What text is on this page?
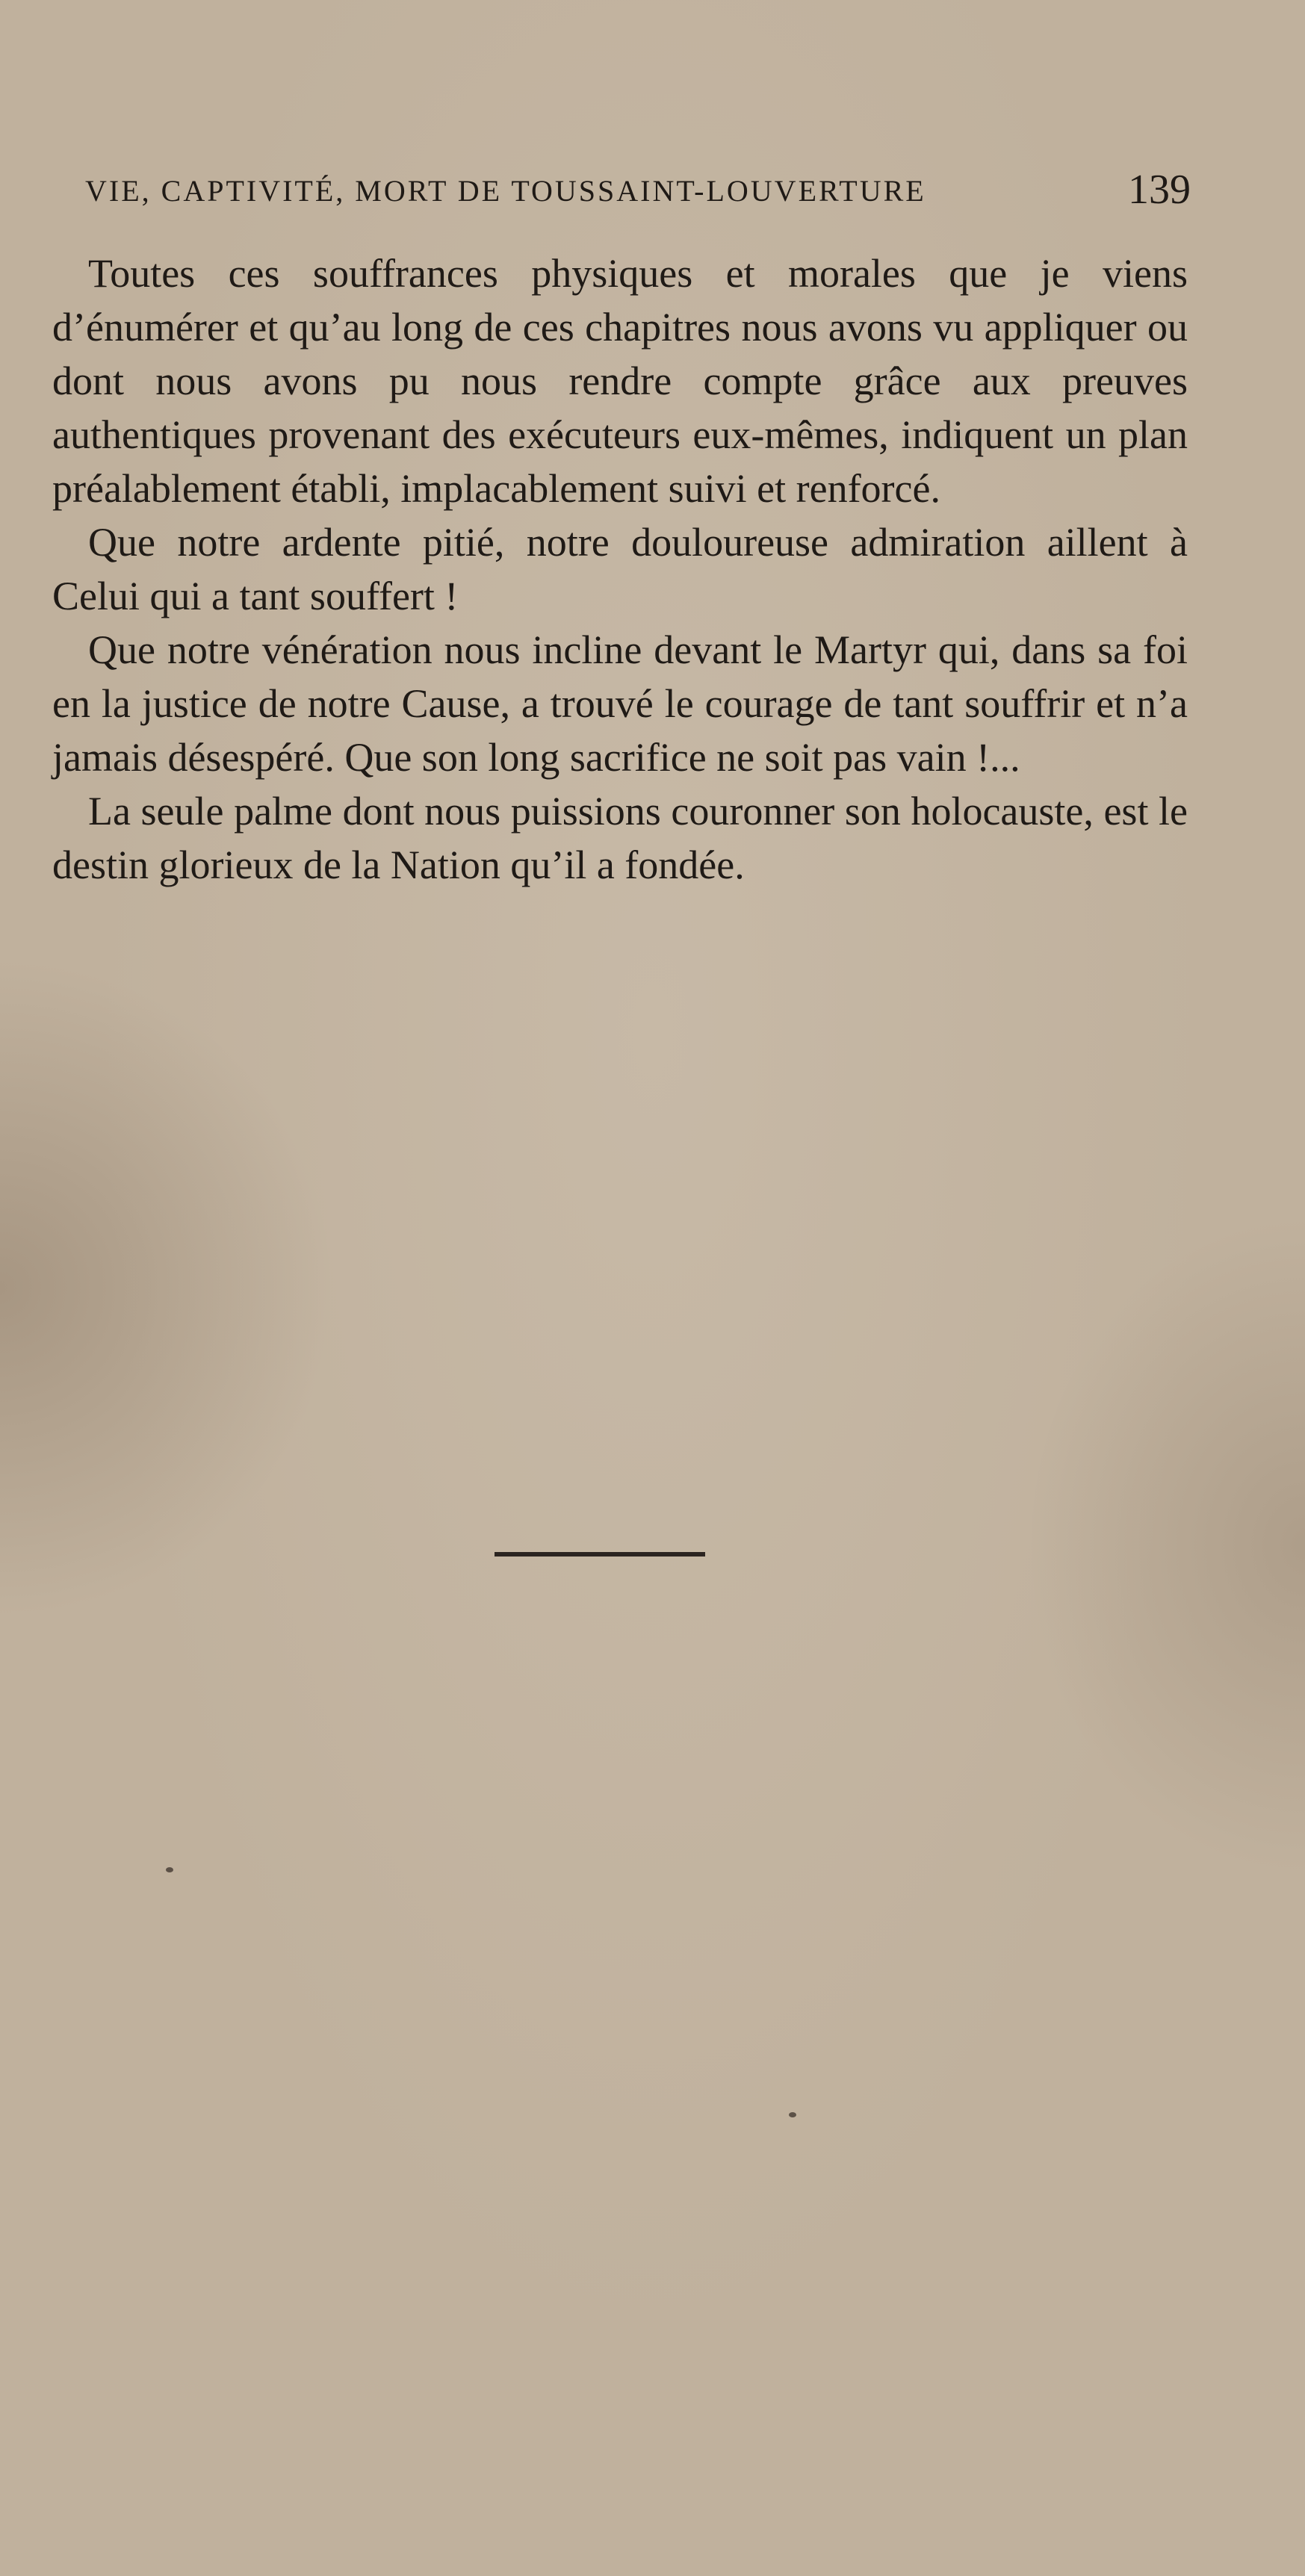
VIE, CAPTIVITÉ, MORT DE TOUSSAINT-LOUVERTURE	139

Toutes ces souffrances physiques et morales que je viens d’énumérer et qu’au long de ces chapitres nous avons vu appliquer ou dont nous avons pu nous rendre compte grâce aux preuves authentiques provenant des exécuteurs eux-mêmes, indiquent un plan préalablement établi, implacablement suivi et renforcé.

Que notre ardente pitié, notre douloureuse admiration aillent à Celui qui a tant souffert !

Que notre vénération nous incline devant le Martyr qui, dans sa foi en la justice de notre Cause, a trouvé le courage de tant souffrir et n’a jamais désespéré. Que son long sacrifice ne soit pas vain !...

La seule palme dont nous puissions couronner son holocauste, est le destin glorieux de la Nation qu’il a fondée.
